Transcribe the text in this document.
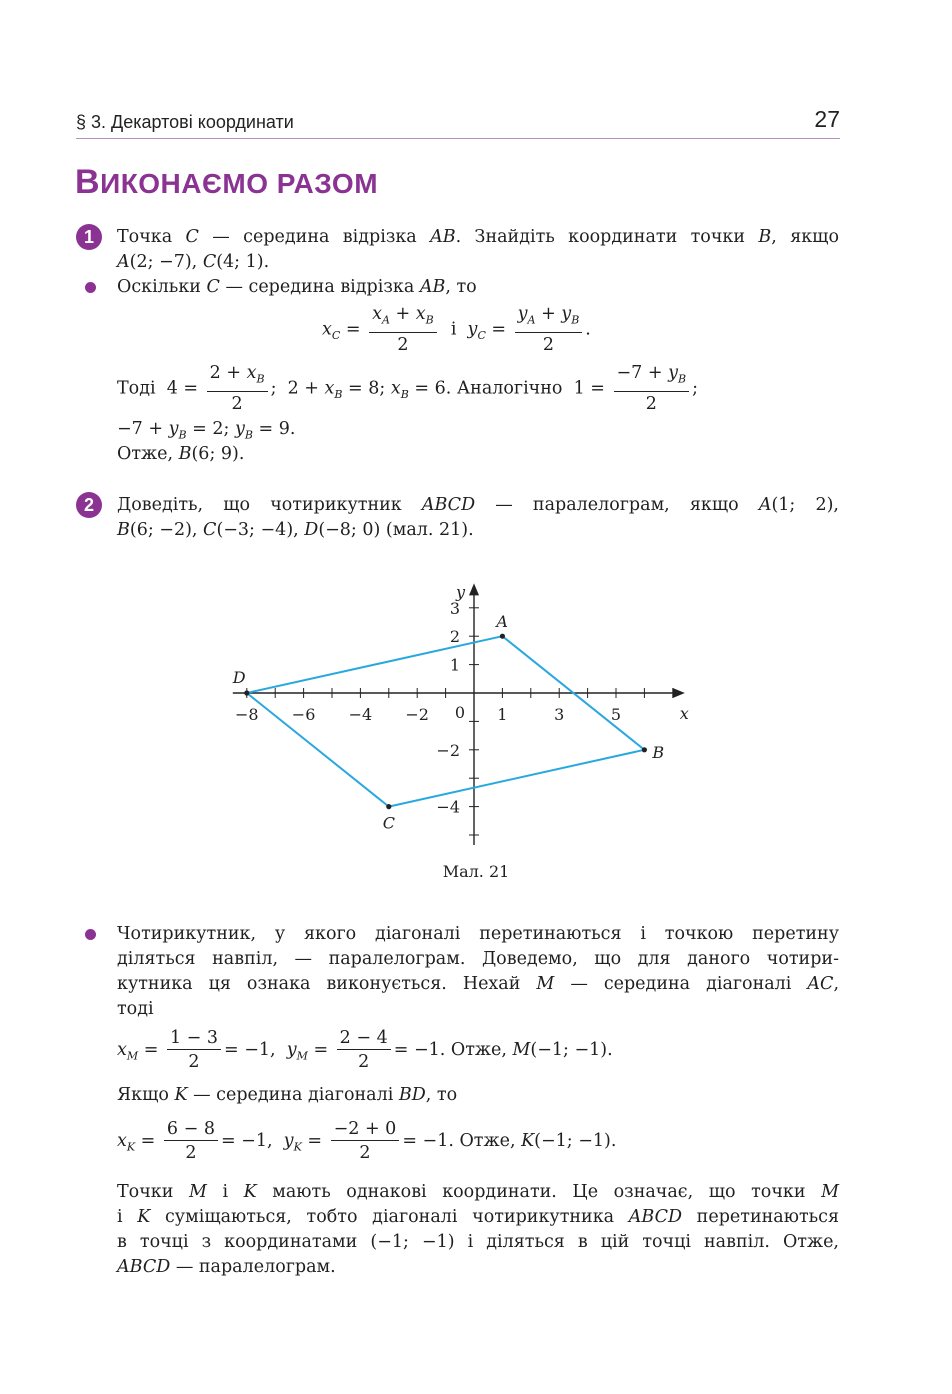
§ 3. Декартові координати	27
ВИКОНАЄМО РАЗОМ
1	Точка C — середина відрізка AB. Знайдіть координати точки B, якщо
A(2; −7), C(4; 1).
Оскільки C — середина відрізка AB, то
$x_C = \frac{x_A + x_B}{2}$ і  $y_C = \frac{y_A + y_B}{2}$ .
Тоді  $4 = \frac{2 + x_B}{2}$ ;  $2 + x_B = 8$; $x_B = 6$. Аналогічно  $1 = \frac{-7 + y_B}{2}$ ;
$-7 + y_B = 2$; $y_B = 9$.
Отже, B(6; 9).
2	Доведіть, що чотирикутник ABCD — паралелограм, якщо A(1; 2),
B(6; −2), C(−3; −4), D(−8; 0) (мал. 21).
−8 −6 −4 −2	1	3	5
3
2
1
−2
−4
0	x
y
A
B
C
D
Мал. 21
Чотирикутник, у якого діагоналі перетинаються і точкою перетину
діляться навпіл, — паралелограм. Доведемо, що для даного чотири-
кутника ця ознака виконується. Нехай M — середина діагоналі AC,
тоді
$x_M = \frac{1 - 3}{2} = -1$,  $y_M = \frac{2 - 4}{2} = -1$. Отже, M(−1; −1).
Якщо K — середина діагоналі BD, то
$x_K = \frac{6 - 8}{2} = -1$,  $y_K = \frac{-2 + 0}{2} = -1$. Отже, K(−1; −1).
Точки M і K мають однакові координати. Це означає, що точки M
і K суміщаються, тобто діагоналі чотирикутника ABCD перетинаються
в точці з координатами (−1; −1) і діляться в цій точці навпіл. Отже,
ABCD — паралелограм.
